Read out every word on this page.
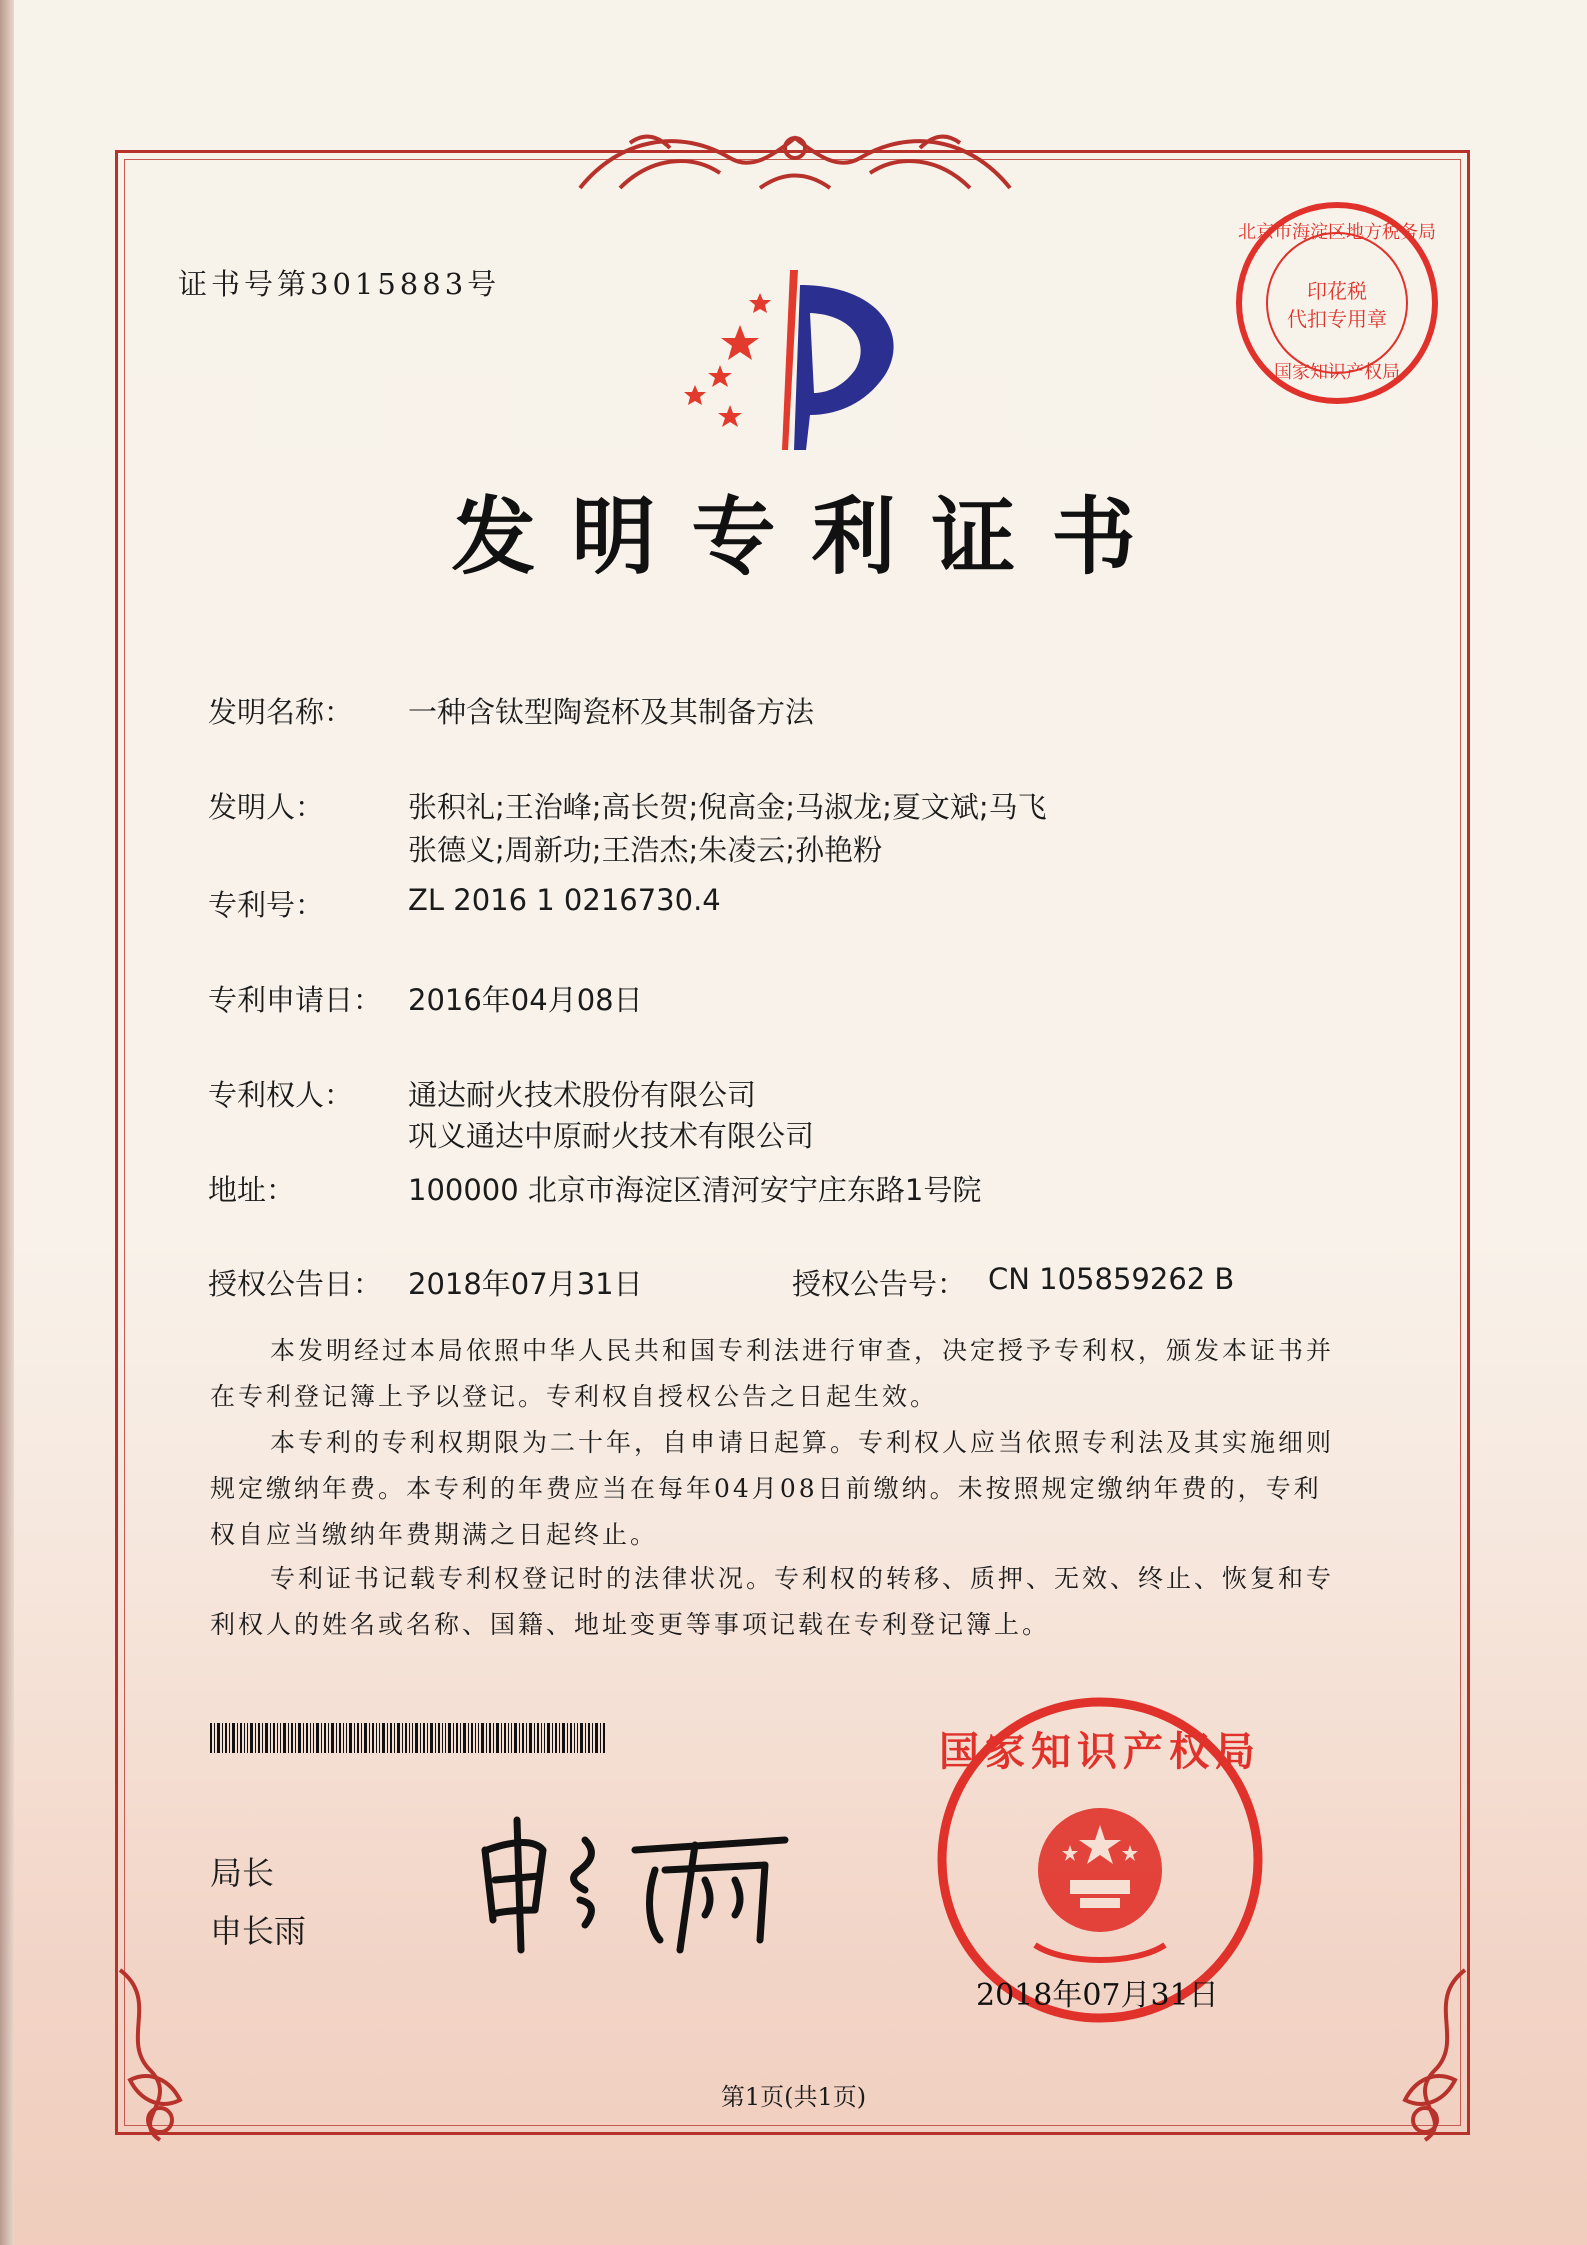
证书号第3015883号
北京市海淀区地方税务局
印花税
代扣专用章
国家知识产权局
发明专利证书
发明名称： 一种含钛型陶瓷杯及其制备方法
发明人：	张积礼;王治峰;高长贺;倪高金;马淑龙;夏文斌;马飞
张德义;周新功;王浩杰;朱凌云;孙艳粉
专利号：	ZL 2016 1 0216730.4
专利申请日： 2016年04月08日
专利权人： 通达耐火技术股份有限公司
巩义通达中原耐火技术有限公司
地址：	100000 北京市海淀区清河安宁庄东路1号院
授权公告日： 2018年07月31日	授权公告号： CN 105859262 B
本发明经过本局依照中华人民共和国专利法进行审查，决定授予专利权，颁发本证书并在专利登记簿上予以登记。专利权自授权公告之日起生效。
本专利的专利权期限为二十年，自申请日起算。专利权人应当依照专利法及其实施细则规定缴纳年费。本专利的年费应当在每年04月08日前缴纳。未按照规定缴纳年费的，专利权自应当缴纳年费期满之日起终止。
专利证书记载专利权登记时的法律状况。专利权的转移、质押、无效、终止、恢复和专利权人的姓名或名称、国籍、地址变更等事项记载在专利登记簿上。
局长
申长雨
国家知识产权局
2018年07月31日
第1页(共1页)
